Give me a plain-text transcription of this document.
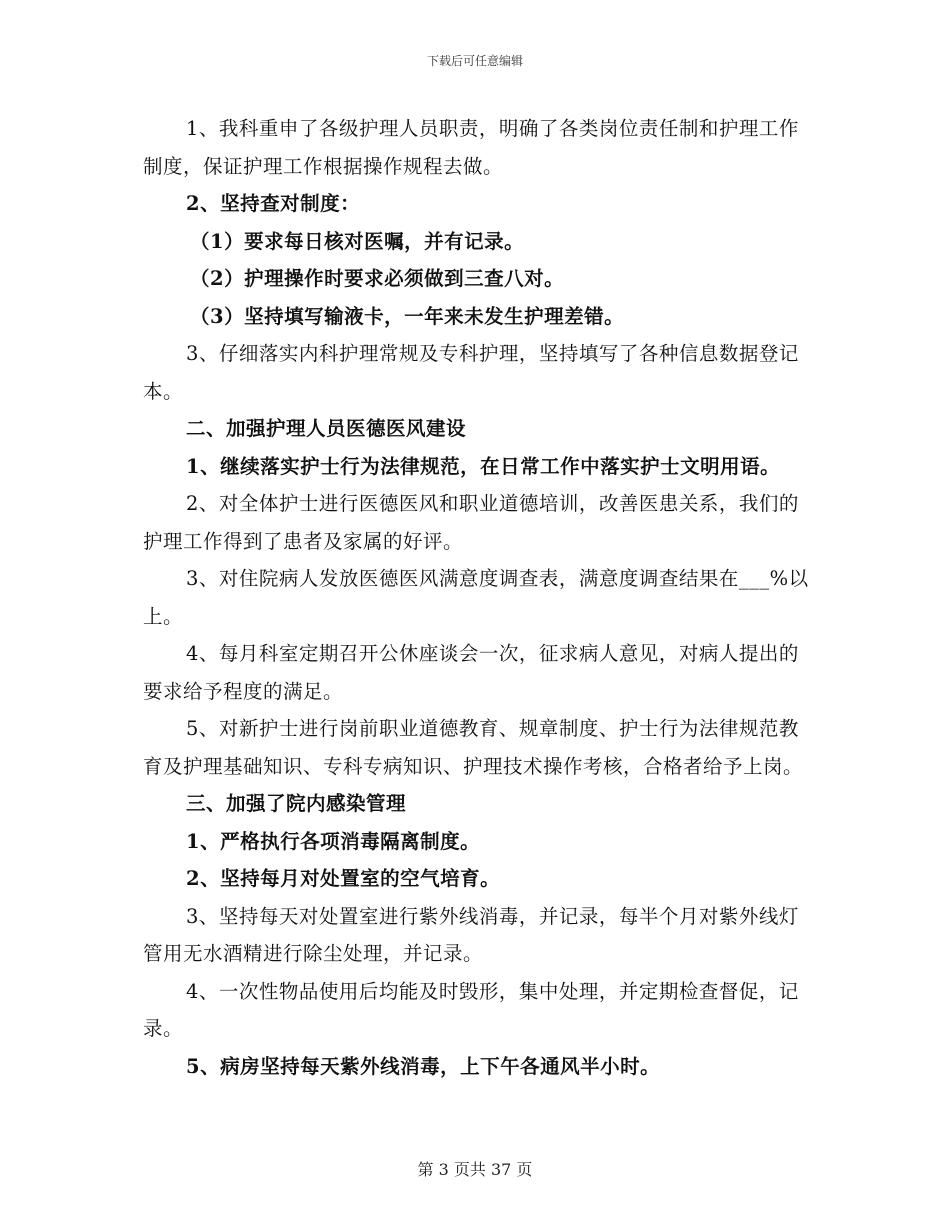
下载后可任意编辑

1、我科重申了各级护理人员职责，明确了各类岗位责任制和护理工作制度，保证护理工作根据操作规程去做。

2、坚持查对制度：

（1）要求每日核对医嘱，并有记录。

（2）护理操作时要求必须做到三查八对。

（3）坚持填写输液卡，一年来未发生护理差错。

3、仔细落实内科护理常规及专科护理，坚持填写了各种信息数据登记本。

二、加强护理人员医德医风建设

1、继续落实护士行为法律规范，在日常工作中落实护士文明用语。

2、对全体护士进行医德医风和职业道德培训，改善医患关系，我们的护理工作得到了患者及家属的好评。

3、对住院病人发放医德医风满意度调查表，满意度调查结果在___%以上。

4、每月科室定期召开公休座谈会一次，征求病人意见，对病人提出的要求给予程度的满足。

5、对新护士进行岗前职业道德教育、规章制度、护士行为法律规范教育及护理基础知识、专科专病知识、护理技术操作考核，合格者给予上岗。

三、加强了院内感染管理

1、严格执行各项消毒隔离制度。

2、坚持每月对处置室的空气培育。

3、坚持每天对处置室进行紫外线消毒，并记录，每半个月对紫外线灯管用无水酒精进行除尘处理，并记录。

4、一次性物品使用后均能及时毁形，集中处理，并定期检查督促，记录。

5、病房坚持每天紫外线消毒，上下午各通风半小时。

第 3 页共 37 页
